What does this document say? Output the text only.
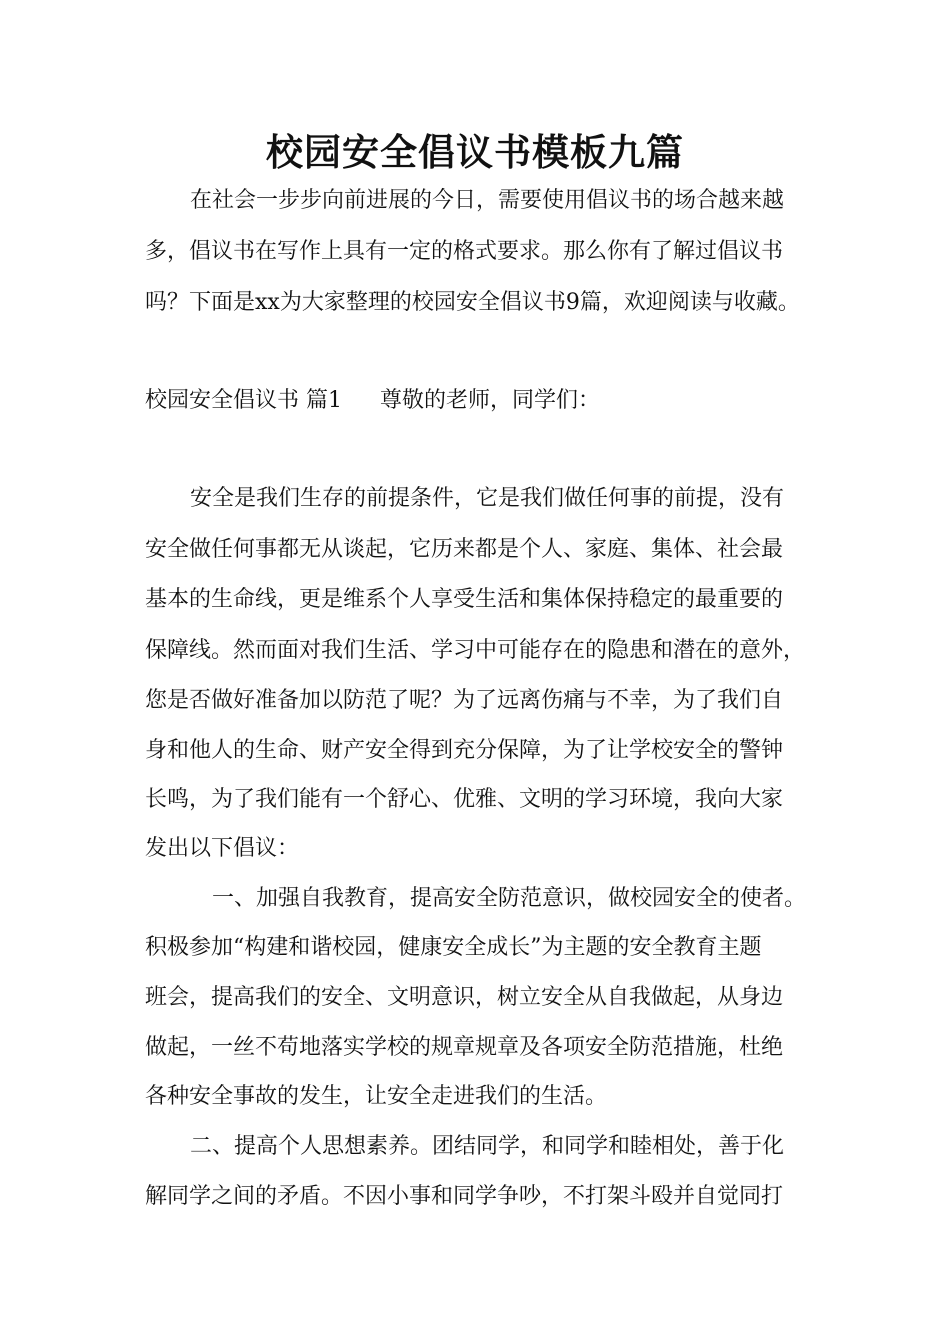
校园安全倡议书模板九篇
在社会一步步向前进展的今日，需要使用倡议书的场合越来越
多，倡议书在写作上具有一定的格式要求。那么你有了解过倡议书
吗？下面是xx为大家整理的校园安全倡议书9篇，欢迎阅读与收藏。
校园安全倡议书 篇1 尊敬的老师，同学们：
安全是我们生存的前提条件，它是我们做任何事的前提，没有
安全做任何事都无从谈起，它历来都是个人、家庭、集体、社会最
基本的生命线，更是维系个人享受生活和集体保持稳定的最重要的
保障线。然而面对我们生活、学习中可能存在的隐患和潜在的意外，
您是否做好准备加以防范了呢？为了远离伤痛与不幸，为了我们自
身和他人的生命、财产安全得到充分保障，为了让学校安全的警钟
长鸣，为了我们能有一个舒心、优雅、文明的学习环境，我向大家
发出以下倡议：
一、加强自我教育，提高安全防范意识，做校园安全的使者。
积极参加“构建和谐校园，健康安全成长”为主题的安全教育主题
班会，提高我们的安全、文明意识，树立安全从自我做起，从身边
做起，一丝不苟地落实学校的规章规章及各项安全防范措施，杜绝
各种安全事故的发生，让安全走进我们的生活。
二、提高个人思想素养。团结同学，和同学和睦相处，善于化
解同学之间的矛盾。不因小事和同学争吵，不打架斗殴并自觉同打
